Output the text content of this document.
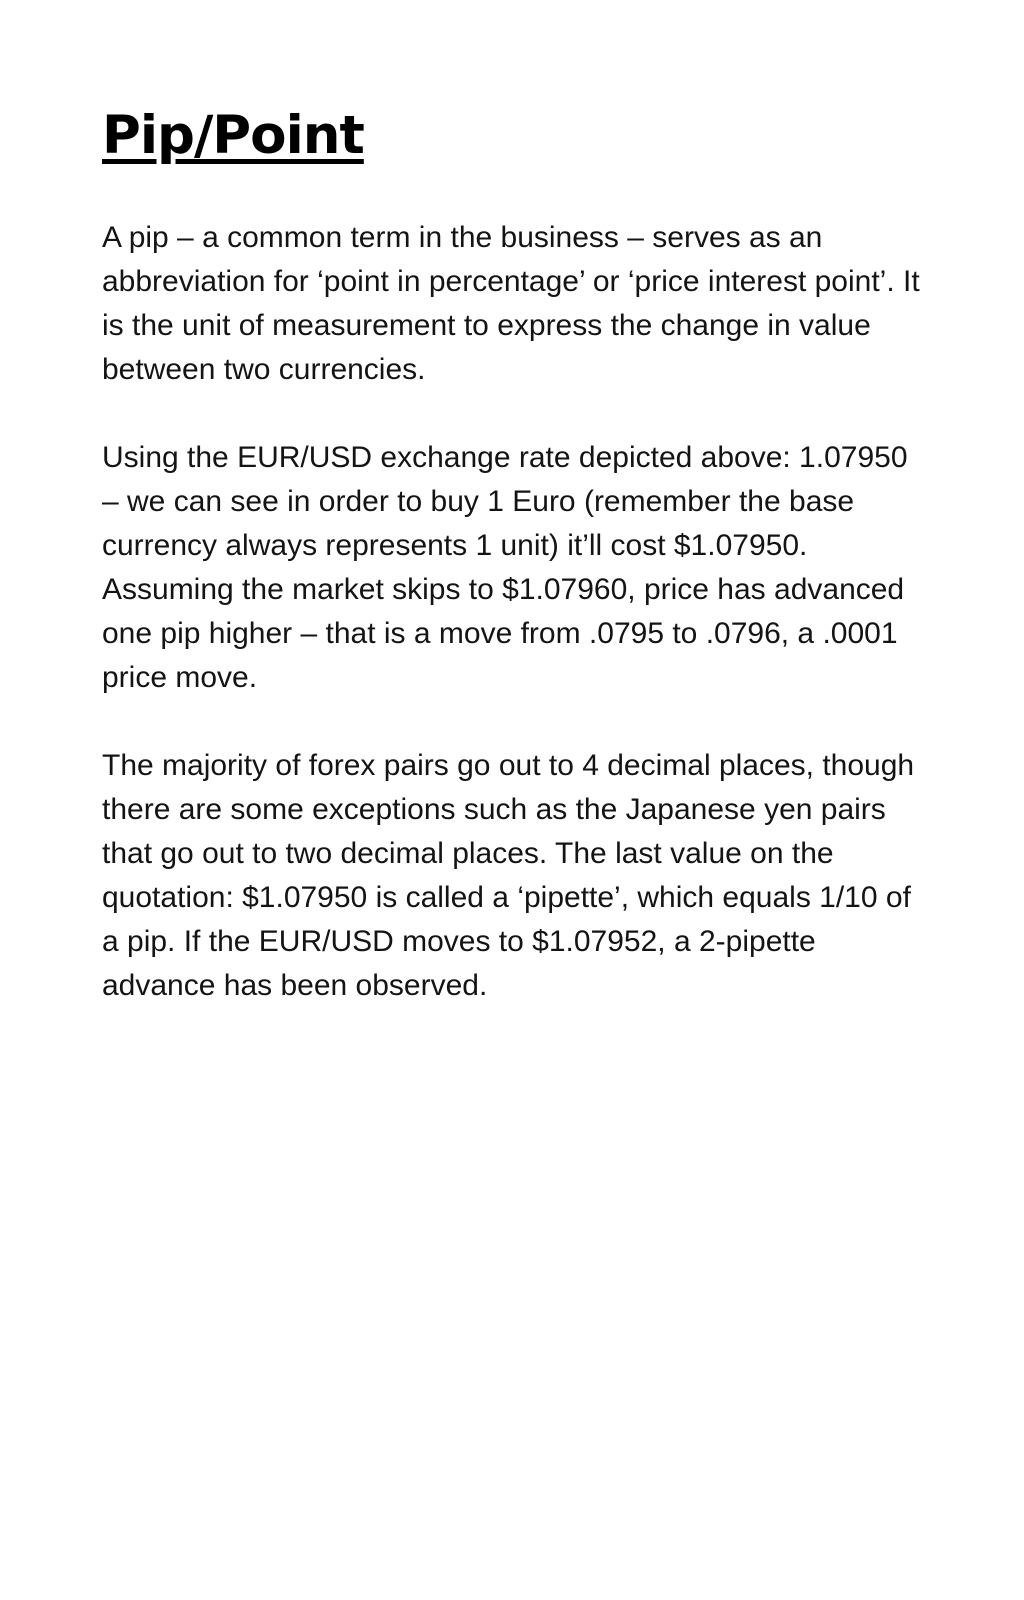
Pip/Point

A pip – a common term in the business – serves as an abbreviation for ‘point in percentage’ or ‘price interest point’. It is the unit of measurement to express the change in value between two currencies.

Using the EUR/USD exchange rate depicted above: 1.07950 – we can see in order to buy 1 Euro (remember the base currency always represents 1 unit) it’ll cost $1.07950. Assuming the market skips to $1.07960, price has advanced one pip higher – that is a move from .0795 to .0796, a .0001 price move.

The majority of forex pairs go out to 4 decimal places, though there are some exceptions such as the Japanese yen pairs that go out to two decimal places. The last value on the quotation: $1.07950 is called a ‘pipette’, which equals 1/10 of a pip. If the EUR/USD moves to $1.07952, a 2-pipette advance has been observed.
